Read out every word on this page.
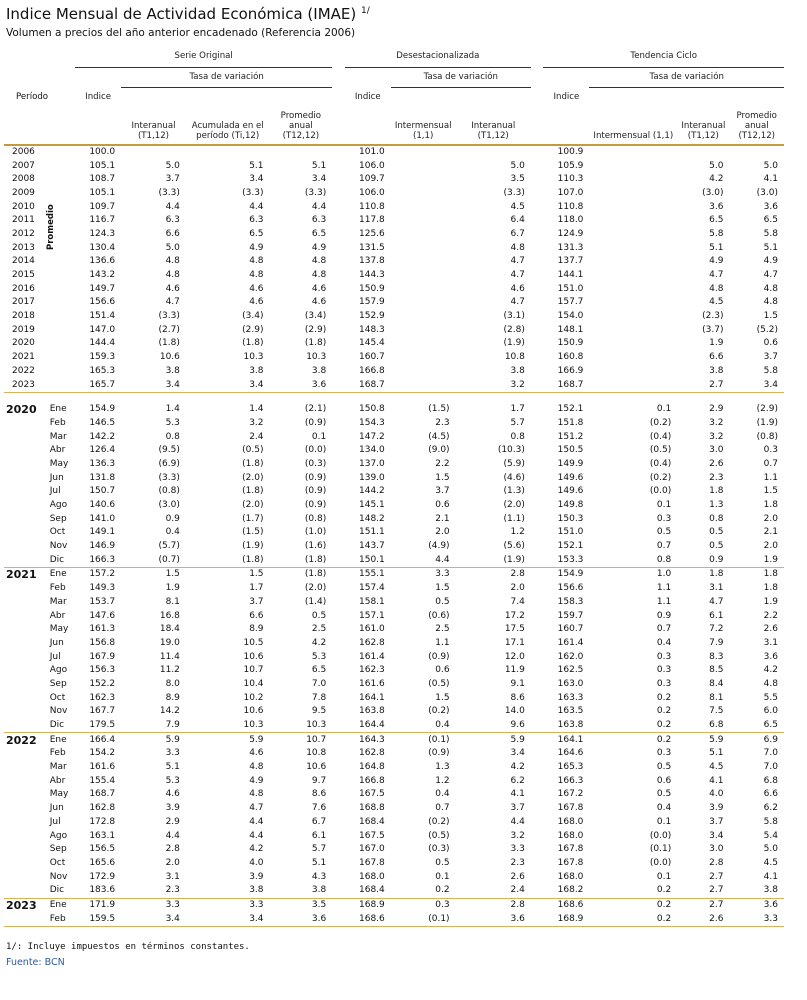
Indice Mensual de Actividad Económica (IMAE) $^{1/}$
Volumen a precios del año anterior encadenado (Referencia 2006)
		Serie Original					Desestacionalizada				Tendencia Ciclo			
			Tasa de variación					Tasa de variación				Tasa de variación		
		Indice	Interanual (T1,12)	Acumulada en el período (Ti,12)	Promedio anual (T12,12)		Indice	Intermensual (1,1)	Interanual (T1,12)		Indice	Intermensual (1,1)	Interanual (T1,12)	Promedio anual (T12,12)

2006		100.0					101.0				100.9			
2007		105.1	5.0	5.1	5.1		106.0		5.0		105.9		5.0	5.0
2008		108.7	3.7	3.4	3.4		109.7		3.5		110.3		4.2	4.1
2009		105.1	(3.3)	(3.3)	(3.3)		106.0		(3.3)		107.0		(3.0)	(3.0)
2010		109.7	4.4	4.4	4.4		110.8		4.5		110.8		3.6	3.6
2011		116.7	6.3	6.3	6.3		117.8		6.4		118.0		6.5	6.5
2012		124.3	6.6	6.5	6.5		125.6		6.7		124.9		5.8	5.8
2013		130.4	5.0	4.9	4.9		131.5		4.8		131.3		5.1	5.1
2014		136.6	4.8	4.8	4.8		137.8		4.7		137.7		4.9	4.9
2015		143.2	4.8	4.8	4.8		144.3		4.7		144.1		4.7	4.7
2016		149.7	4.6	4.6	4.6		150.9		4.6		151.0		4.8	4.8
2017		156.6	4.7	4.6	4.6		157.9		4.7		157.7		4.5	4.8
2018		151.4	(3.3)	(3.4)	(3.4)		152.9		(3.1)		154.0		(2.3)	1.5
2019		147.0	(2.7)	(2.9)	(2.9)		148.3		(2.8)		148.1		(3.7)	(5.2)
2020		144.4	(1.8)	(1.8)	(1.8)		145.4		(1.9)		150.9		1.9	0.6
2021		159.3	10.6	10.3	10.3		160.7		10.8		160.8		6.6	3.7
2022		165.3	3.8	3.8	3.8		166.8		3.8		166.9		3.8	5.8
2023		165.7	3.4	3.4	3.6		168.7		3.2		168.7		2.7	3.4

2020	Ene	154.9	1.4	1.4	(2.1)		150.8	(1.5)	1.7		152.1	0.1	2.9	(2.9)
	Feb	146.5	5.3	3.2	(0.9)		154.3	2.3	5.7		151.8	(0.2)	3.2	(1.9)
	Mar	142.2	0.8	2.4	0.1		147.2	(4.5)	0.8		151.2	(0.4)	3.2	(0.8)
	Abr	126.4	(9.5)	(0.5)	(0.0)		134.0	(9.0)	(10.3)		150.5	(0.5)	3.0	0.3
	May	136.3	(6.9)	(1.8)	(0.3)		137.0	2.2	(5.9)		149.9	(0.4)	2.6	0.7
	Jun	131.8	(3.3)	(2.0)	(0.9)		139.0	1.5	(4.6)		149.6	(0.2)	2.3	1.1
	Jul	150.7	(0.8)	(1.8)	(0.9)		144.2	3.7	(1.3)		149.6	(0.0)	1.8	1.5
	Ago	140.6	(3.0)	(2.0)	(0.9)		145.1	0.6	(2.0)		149.8	0.1	1.3	1.8
	Sep	141.0	0.9	(1.7)	(0.8)		148.2	2.1	(1.1)		150.3	0.3	0.8	2.0
	Oct	149.1	0.4	(1.5)	(1.0)		151.1	2.0	1.2		151.0	0.5	0.5	2.1
	Nov	146.9	(5.7)	(1.9)	(1.6)		143.7	(4.9)	(5.6)		152.1	0.7	0.5	2.0
	Dic	166.3	(0.7)	(1.8)	(1.8)		150.1	4.4	(1.9)		153.3	0.8	0.9	1.9
2021	Ene	157.2	1.5	1.5	(1.8)		155.1	3.3	2.8		154.9	1.0	1.8	1.8
	Feb	149.3	1.9	1.7	(2.0)		157.4	1.5	2.0		156.6	1.1	3.1	1.8
	Mar	153.7	8.1	3.7	(1.4)		158.1	0.5	7.4		158.3	1.1	4.7	1.9
	Abr	147.6	16.8	6.6	0.5		157.1	(0.6)	17.2		159.7	0.9	6.1	2.2
	May	161.3	18.4	8.9	2.5		161.0	2.5	17.5		160.7	0.7	7.2	2.6
	Jun	156.8	19.0	10.5	4.2		162.8	1.1	17.1		161.4	0.4	7.9	3.1
	Jul	167.9	11.4	10.6	5.3		161.4	(0.9)	12.0		162.0	0.3	8.3	3.6
	Ago	156.3	11.2	10.7	6.5		162.3	0.6	11.9		162.5	0.3	8.5	4.2
	Sep	152.2	8.0	10.4	7.0		161.6	(0.5)	9.1		163.0	0.3	8.4	4.8
	Oct	162.3	8.9	10.2	7.8		164.1	1.5	8.6		163.3	0.2	8.1	5.5
	Nov	167.7	14.2	10.6	9.5		163.8	(0.2)	14.0		163.5	0.2	7.5	6.0
	Dic	179.5	7.9	10.3	10.3		164.4	0.4	9.6		163.8	0.2	6.8	6.5
2022	Ene	166.4	5.9	5.9	10.7		164.3	(0.1)	5.9		164.1	0.2	5.9	6.9
	Feb	154.2	3.3	4.6	10.8		162.8	(0.9)	3.4		164.6	0.3	5.1	7.0
	Mar	161.6	5.1	4.8	10.6		164.8	1.3	4.2		165.3	0.5	4.5	7.0
	Abr	155.4	5.3	4.9	9.7		166.8	1.2	6.2		166.3	0.6	4.1	6.8
	May	168.7	4.6	4.8	8.6		167.5	0.4	4.1		167.2	0.5	4.0	6.6
	Jun	162.8	3.9	4.7	7.6		168.8	0.7	3.7		167.8	0.4	3.9	6.2
	Jul	172.8	2.9	4.4	6.7		168.4	(0.2)	4.4		168.0	0.1	3.7	5.8
	Ago	163.1	4.4	4.4	6.1		167.5	(0.5)	3.2		168.0	(0.0)	3.4	5.4
	Sep	156.5	2.8	4.2	5.7		167.0	(0.3)	3.3		167.8	(0.1)	3.0	5.0
	Oct	165.6	2.0	4.0	5.1		167.8	0.5	2.3		167.8	(0.0)	2.8	4.5
	Nov	172.9	3.1	3.9	4.3		168.0	0.1	2.6		168.0	0.1	2.7	4.1
	Dic	183.6	2.3	3.8	3.8		168.4	0.2	2.4		168.2	0.2	2.7	3.8
2023	Ene	171.9	3.3	3.3	3.5		168.9	0.3	2.8		168.6	0.2	2.7	3.6
	Feb	159.5	3.4	3.4	3.6		168.6	(0.1)	3.6		168.9	0.2	2.6	3.3
Período
Promedio
1/: Incluye impuestos en términos constantes.
Fuente: BCN
